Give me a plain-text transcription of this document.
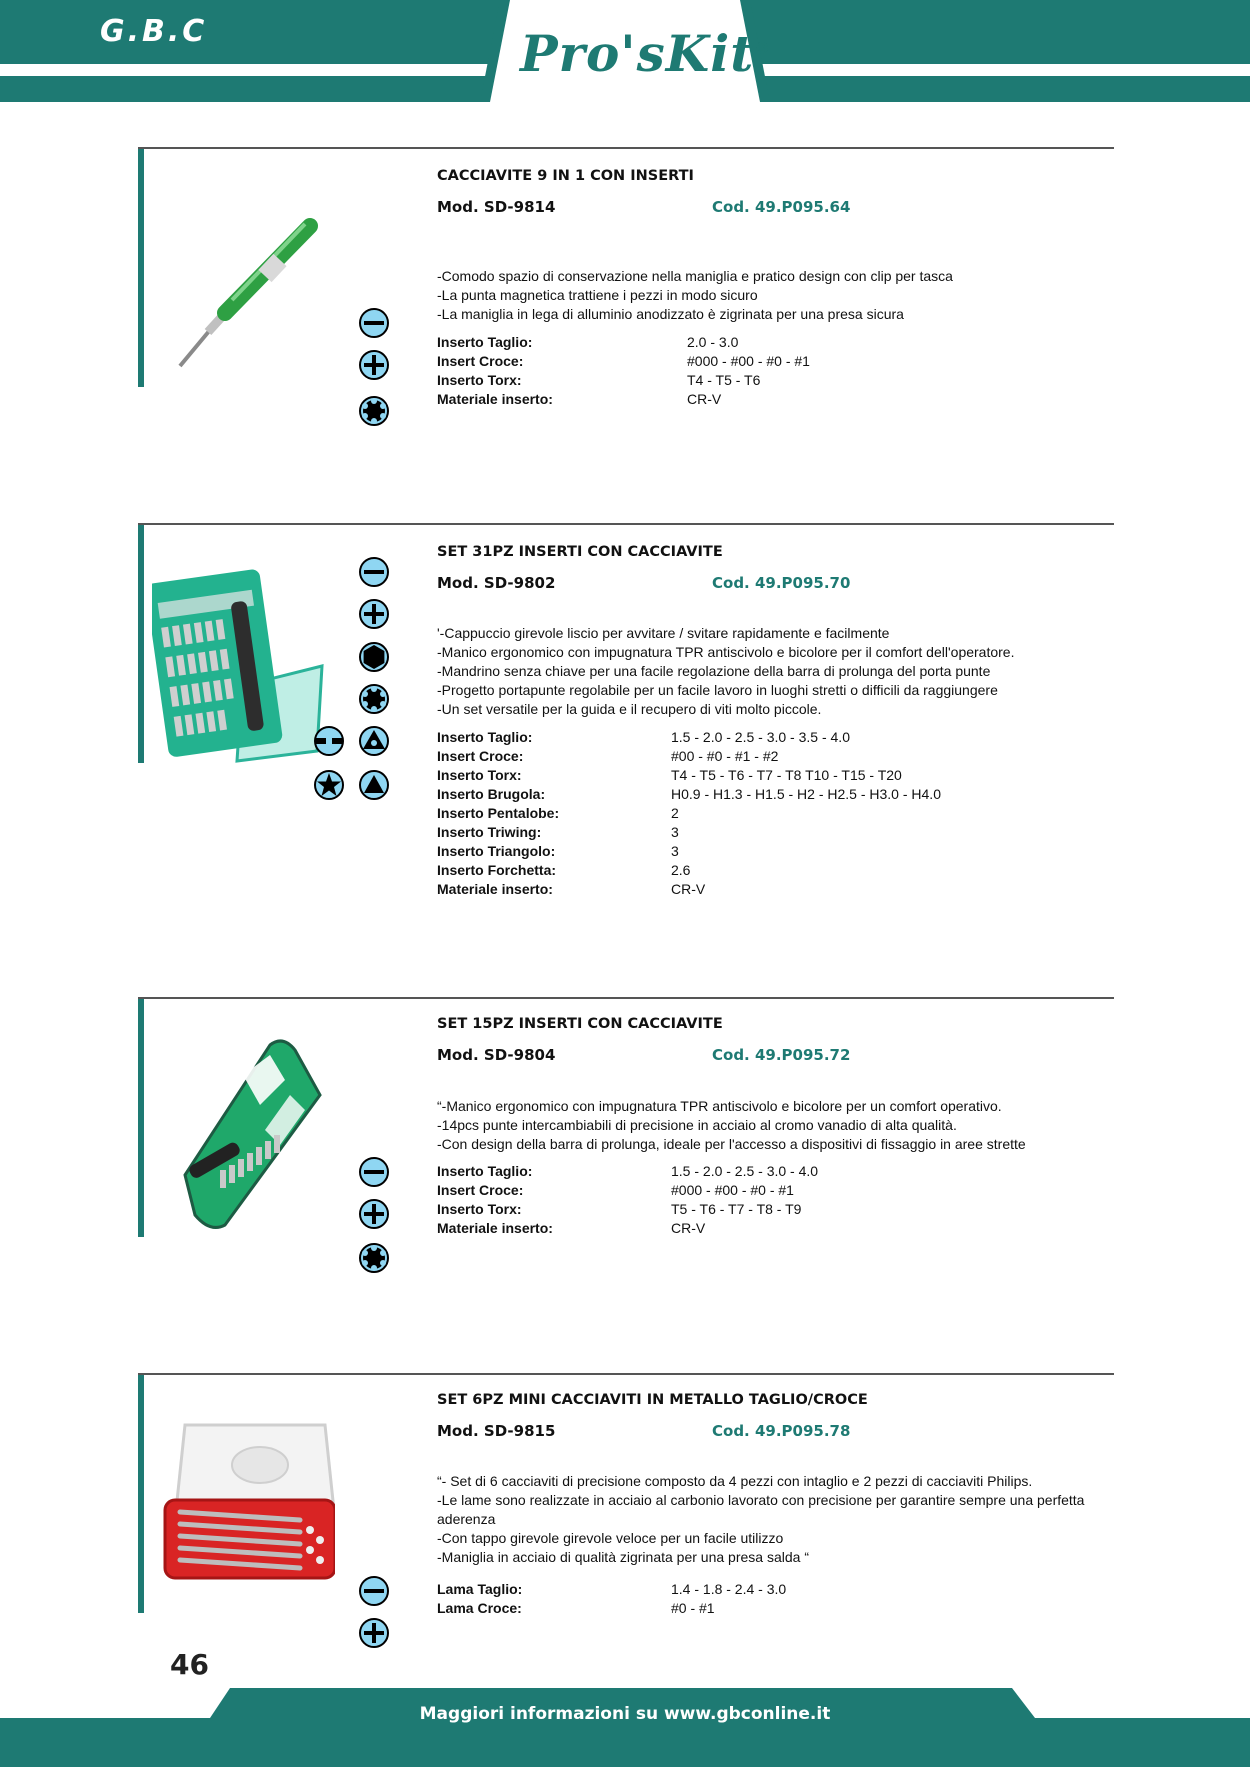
G.B.C	Pro'sKit®
CACCIAVITE 9 IN 1 CON INSERTI
Mod. SD-9814	Cod. 49.P095.64
-Comodo spazio di conservazione nella maniglia e pratico design con clip per tasca
-La punta magnetica trattiene i pezzi in modo sicuro
-La maniglia in lega di alluminio anodizzato è zigrinata per una presa sicura
Inserto Taglio:	2.0 - 3.0
Insert Croce:	#000 - #00 - #0 - #1
Inserto Torx:	T4 - T5 - T6
Materiale inserto:	CR-V
SET 31PZ INSERTI CON CACCIAVITE
Mod. SD-9802	Cod. 49.P095.70
'-Cappuccio girevole liscio per avvitare / svitare rapidamente e facilmente
-Manico ergonomico con impugnatura TPR antiscivolo e bicolore per il comfort dell'operatore.
-Mandrino senza chiave per una facile regolazione della barra di prolunga del porta punte
-Progetto portapunte regolabile per un facile lavoro in luoghi stretti o difficili da raggiungere
-Un set versatile per la guida e il recupero di viti molto piccole.
Inserto Taglio:	1.5 - 2.0 - 2.5 - 3.0 - 3.5 - 4.0
Insert Croce:	#00 - #0 - #1 - #2
Inserto Torx:	T4 - T5 - T6 - T7 - T8 T10 - T15 - T20
Inserto Brugola:	H0.9 - H1.3 - H1.5 - H2 - H2.5 - H3.0 - H4.0
Inserto Pentalobe:	2
Inserto Triwing:	3
Inserto Triangolo:	3
Inserto Forchetta:	2.6
Materiale inserto:	CR-V
SET 15PZ INSERTI CON CACCIAVITE
Mod. SD-9804	Cod. 49.P095.72
“-Manico ergonomico con impugnatura TPR antiscivolo e bicolore per un comfort operativo.
-14pcs punte intercambiabili di precisione in acciaio al cromo vanadio di alta qualità.
-Con design della barra di prolunga, ideale per l'accesso a dispositivi di fissaggio in aree strette
Inserto Taglio:	1.5 - 2.0 - 2.5 - 3.0 - 4.0
Insert Croce:	#000 - #00 - #0 - #1
Inserto Torx:	T5 - T6 - T7 - T8 - T9
Materiale inserto:	CR-V
SET 6PZ MINI CACCIAVITI IN METALLO TAGLIO/CROCE
Mod. SD-9815	Cod. 49.P095.78
“- Set di 6 cacciaviti di precisione composto da 4 pezzi con intaglio e 2 pezzi di cacciaviti Philips.
-Le lame sono realizzate in acciaio al carbonio lavorato con precisione per garantire sempre una perfetta aderenza
-Con tappo girevole girevole veloce per un facile utilizzo
-Maniglia in acciaio di qualità zigrinata per una presa salda “
Lama Taglio:	1.4 - 1.8 - 2.4 - 3.0
Lama Croce:	#0 - #1
46
Maggiori informazioni su www.gbconline.it
